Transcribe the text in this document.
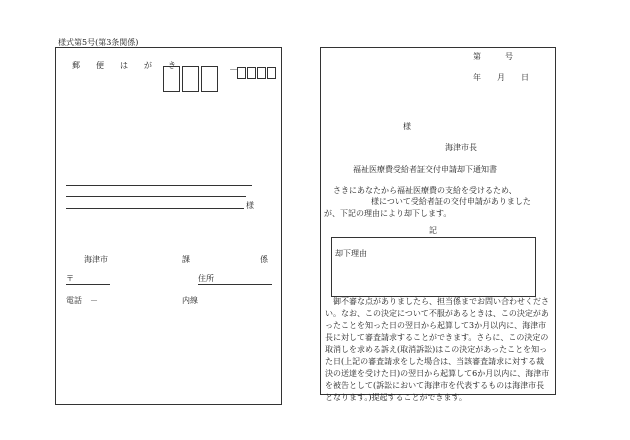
様式第5号(第3条関係)
郵　便　は　が　き
－
様
海津市	課	係
〒	住所
電話　－	内線
第　　　号
年　　月　　日
様
海津市長
福祉医療費受給者証交付申請却下通知書
さきにあなたから福祉医療費の支給を受けるため、
様について受給者証の交付申請がありました
が、下記の理由により却下します。
記
却下理由
御不審な点がありましたら、担当係までお問い合わせください。なお、この決定について不服があるときは、この決定があったことを知った日の翌日から起算して3か月以内に、海津市長に対して審査請求することができます。さらに、この決定の取消しを求める訴え(取消訴訟)はこの決定があったことを知った日(上記の審査請求をした場合は、当該審査請求に対する裁決の送達を受けた日)の翌日から起算して6か月以内に、海津市を被告として(訴訟において海津市を代表するものは海津市長となります。)提起することができます。
